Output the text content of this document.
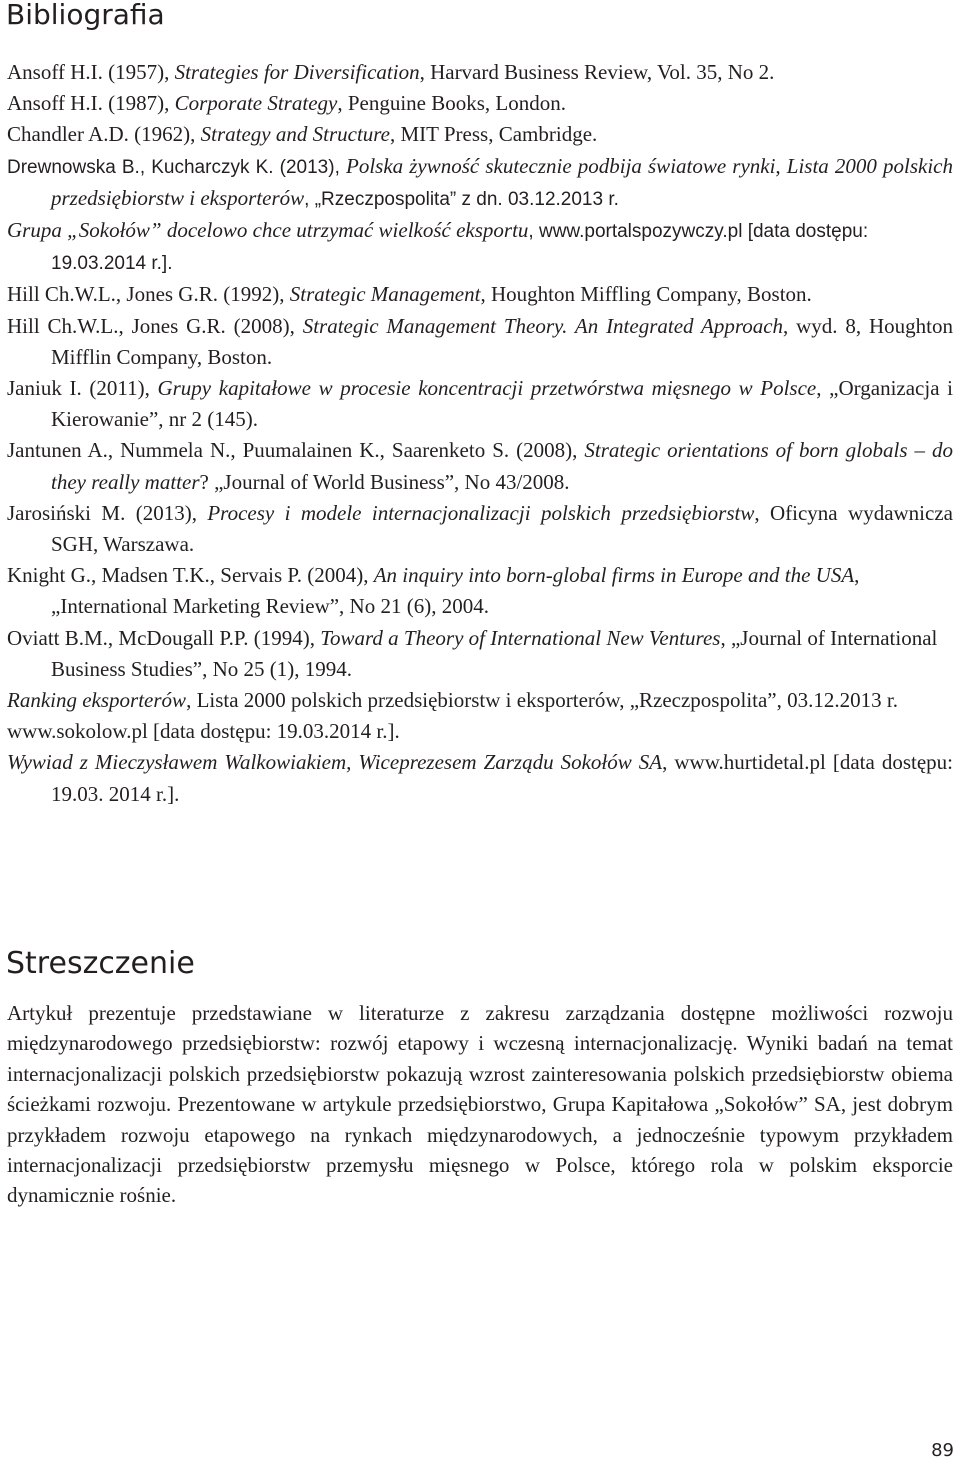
Bibliografia
Ansoff H.I. (1957), Strategies for Diversification, Harvard Business Review, Vol. 35, No 2.
Ansoff H.I. (1987), Corporate Strategy, Penguine Books, London.
Chandler A.D. (1962), Strategy and Structure, MIT Press, Cambridge.
Drewnowska B., Kucharczyk K. (2013), Polska żywność skutecznie podbija światowe rynki, Lista 2000 polskich przedsiębiorstw i eksporterów, „Rzeczpospolita” z dn. 03.12.2013 r.
Grupa „Sokołów” docelowo chce utrzymać wielkość eksportu, www.portalspozywczy.pl [data dostępu: 19.03.2014 r.].
Hill Ch.W.L., Jones G.R. (1992), Strategic Management, Houghton Miffling Company, Boston.
Hill Ch.W.L., Jones G.R. (2008), Strategic Management Theory. An Integrated Approach, wyd. 8, Houghton Mifflin Company, Boston.
Janiuk I. (2011), Grupy kapitałowe w procesie koncentracji przetwórstwa mięsnego w Polsce, „Organizacja i Kierowanie”, nr 2 (145).
Jantunen A., Nummela N., Puumalainen K., Saarenketo S. (2008), Strategic orientations of born globals – do they really matter? „Journal of World Business”, No 43/2008.
Jarosiński M. (2013), Procesy i modele internacjonalizacji polskich przedsiębiorstw, Oficyna wydawnicza SGH, Warszawa.
Knight G., Madsen T.K., Servais P. (2004), An inquiry into born-global firms in Europe and the USA, „International Marketing Review”, No 21 (6), 2004.
Oviatt B.M., McDougall P.P. (1994), Toward a Theory of International New Ventures, „Journal of International Business Studies”, No 25 (1), 1994.
Ranking eksporterów, Lista 2000 polskich przedsiębiorstw i eksporterów, „Rzeczpospolita”, 03.12.2013 r.
www.sokolow.pl [data dostępu: 19.03.2014 r.].
Wywiad z Mieczysławem Walkowiakiem, Wiceprezesem Zarządu Sokołów SA, www.hurtidetal.pl [data dostępu: 19.03. 2014 r.].
Streszczenie

Artykuł prezentuje przedstawiane w literaturze z zakresu zarządzania dostępne możliwości rozwoju międzynarodowego przedsiębiorstw: rozwój etapowy i wczesną internacjonalizację. Wyniki badań na temat internacjonalizacji polskich przedsiębiorstw pokazują wzrost zainteresowania polskich przedsiębiorstw obiema ścieżkami rozwoju. Prezentowane w artykule przedsiębiorstwo, Grupa Kapitałowa „Sokołów” SA, jest dobrym przykładem rozwoju etapowego na rynkach międzynarodowych, a jednocześnie typowym przykładem internacjonalizacji przedsiębiorstw przemysłu mięsnego w Polsce, którego rola w polskim eksporcie dynamicznie rośnie.

89
